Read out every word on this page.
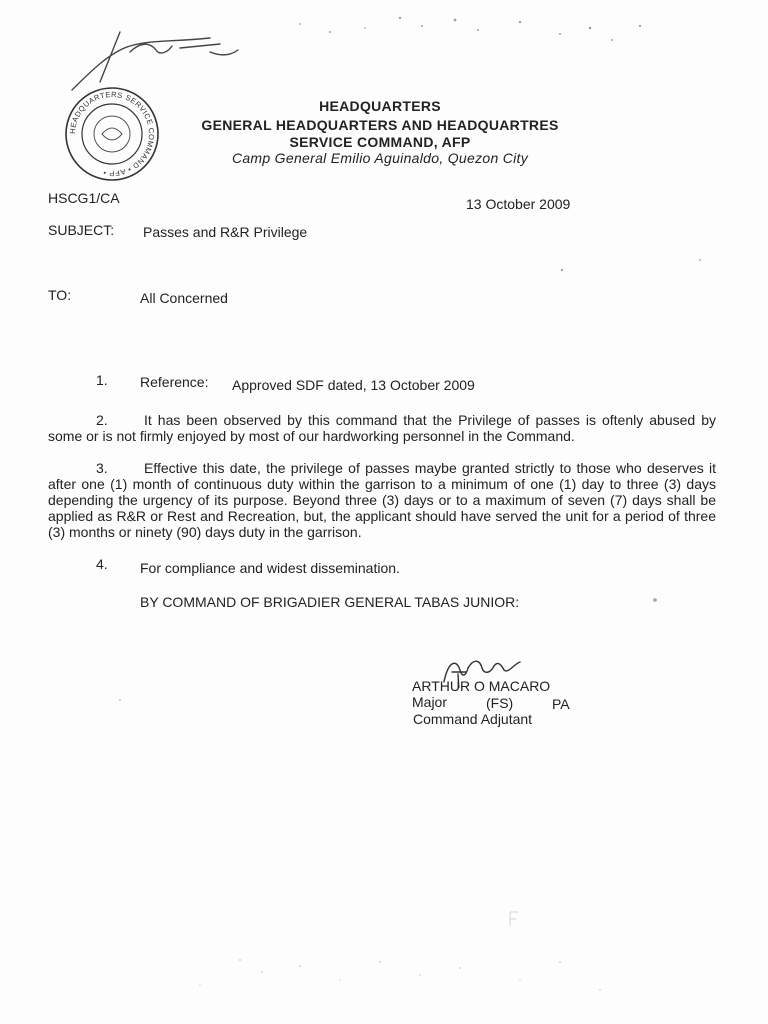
HEADQUARTERS SERVICE COMMAND • AFP •
HEADQUARTERS
GENERAL HEADQUARTERS AND HEADQUARTRES
SERVICE COMMAND, AFP
Camp General Emilio Aguinaldo, Quezon City
HSCG1/CA	13 October 2009
SUBJECT: Passes and R&R Privilege
TO:	All Concerned
1. Reference: Approved SDF dated, 13 October 2009
2.	It has been observed by this command that the Privilege of passes is oftenly abused by some or is not firmly enjoyed by most of our hardworking personnel in the Command.
3.	Effective this date, the privilege of passes maybe granted strictly to those who deserves it after one (1) month of continuous duty within the garrison to a minimum of one (1) day to three (3) days depending the urgency of its purpose. Beyond three (3) days or to a maximum of seven (7) days shall be applied as R&R or Rest and Recreation, but, the applicant should have served the unit for a period of three (3) months or ninety (90) days duty in the garrison.
4. For compliance and widest dissemination.
BY COMMAND OF BRIGADIER GENERAL TABAS JUNIOR:
ARTHUR O MACARO
Major	(FS)	PA
Command Adjutant
